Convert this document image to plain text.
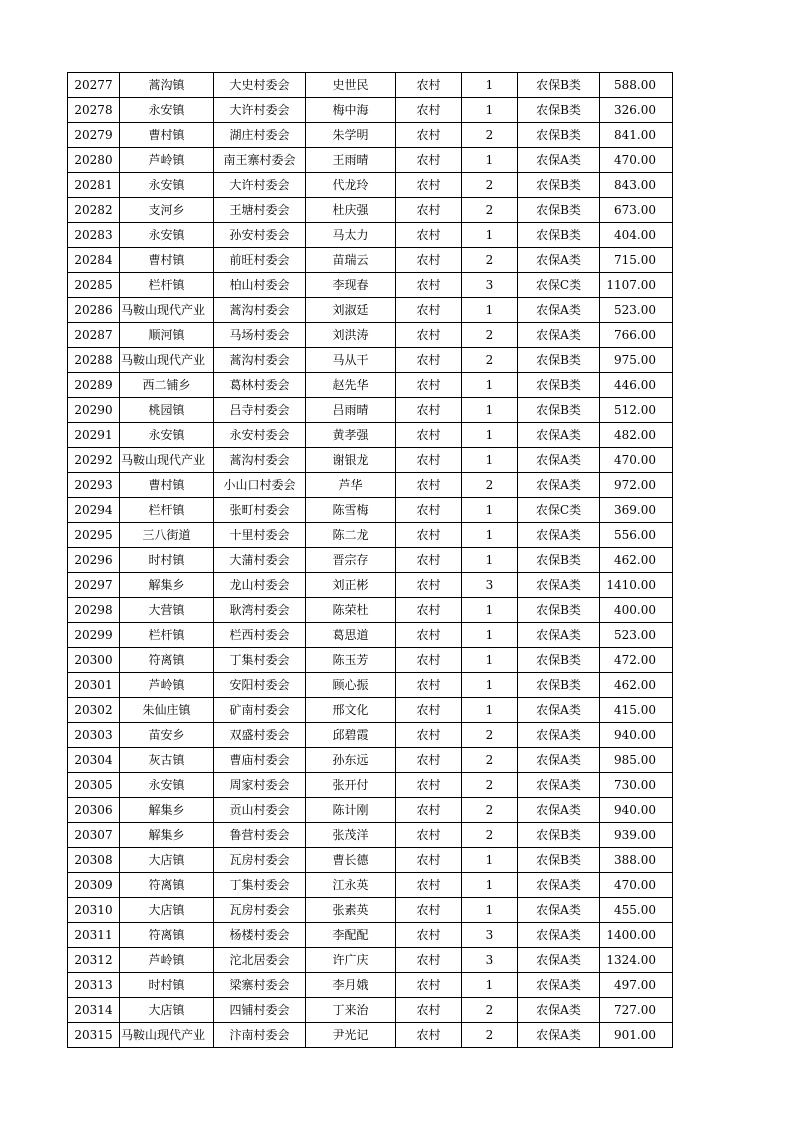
20277	蒿沟镇	大史村委会	史世民	农村	1	农保B类	588.00
20278	永安镇	大许村委会	梅中海	农村	1	农保B类	326.00
20279	曹村镇	湖庄村委会	朱学明	农村	2	农保B类	841.00
20280	芦岭镇	南王寨村委会	王雨晴	农村	1	农保A类	470.00
20281	永安镇	大许村委会	代龙玲	农村	2	农保B类	843.00
20282	支河乡	王塘村委会	杜庆强	农村	2	农保B类	673.00
20283	永安镇	孙安村委会	马太力	农村	1	农保B类	404.00
20284	曹村镇	前旺村委会	苗瑞云	农村	2	农保A类	715.00
20285	栏杆镇	柏山村委会	李现春	农村	3	农保C类	1107.00
20286	马鞍山现代产业	蒿沟村委会	刘淑廷	农村	1	农保A类	523.00
20287	顺河镇	马场村委会	刘洪涛	农村	2	农保A类	766.00
20288	马鞍山现代产业	蒿沟村委会	马从干	农村	2	农保B类	975.00
20289	西二铺乡	葛林村委会	赵先华	农村	1	农保B类	446.00
20290	桃园镇	吕寺村委会	吕雨晴	农村	1	农保B类	512.00
20291	永安镇	永安村委会	黄孝强	农村	1	农保A类	482.00
20292	马鞍山现代产业	蒿沟村委会	谢银龙	农村	1	农保A类	470.00
20293	曹村镇	小山口村委会	芦华	农村	2	农保A类	972.00
20294	栏杆镇	张町村委会	陈雪梅	农村	1	农保C类	369.00
20295	三八街道	十里村委会	陈二龙	农村	1	农保A类	556.00
20296	时村镇	大蒲村委会	晋宗存	农村	1	农保B类	462.00
20297	解集乡	龙山村委会	刘正彬	农村	3	农保A类	1410.00
20298	大营镇	耿湾村委会	陈荣杜	农村	1	农保B类	400.00
20299	栏杆镇	栏西村委会	葛思道	农村	1	农保A类	523.00
20300	符离镇	丁集村委会	陈玉芳	农村	1	农保B类	472.00
20301	芦岭镇	安阳村委会	顾心振	农村	1	农保B类	462.00
20302	朱仙庄镇	矿南村委会	邢文化	农村	1	农保A类	415.00
20303	苗安乡	双盛村委会	邱碧霞	农村	2	农保A类	940.00
20304	灰古镇	曹庙村委会	孙东远	农村	2	农保A类	985.00
20305	永安镇	周家村委会	张开付	农村	2	农保A类	730.00
20306	解集乡	贡山村委会	陈计刚	农村	2	农保A类	940.00
20307	解集乡	鲁营村委会	张茂洋	农村	2	农保B类	939.00
20308	大店镇	瓦房村委会	曹长德	农村	1	农保B类	388.00
20309	符离镇	丁集村委会	江永英	农村	1	农保A类	470.00
20310	大店镇	瓦房村委会	张素英	农村	1	农保A类	455.00
20311	符离镇	杨楼村委会	李配配	农村	3	农保A类	1400.00
20312	芦岭镇	沱北居委会	许广庆	农村	3	农保A类	1324.00
20313	时村镇	梁寨村委会	李月娥	农村	1	农保A类	497.00
20314	大店镇	四铺村委会	丁来治	农村	2	农保A类	727.00
20315	马鞍山现代产业	汴南村委会	尹光记	农村	2	农保A类	901.00
